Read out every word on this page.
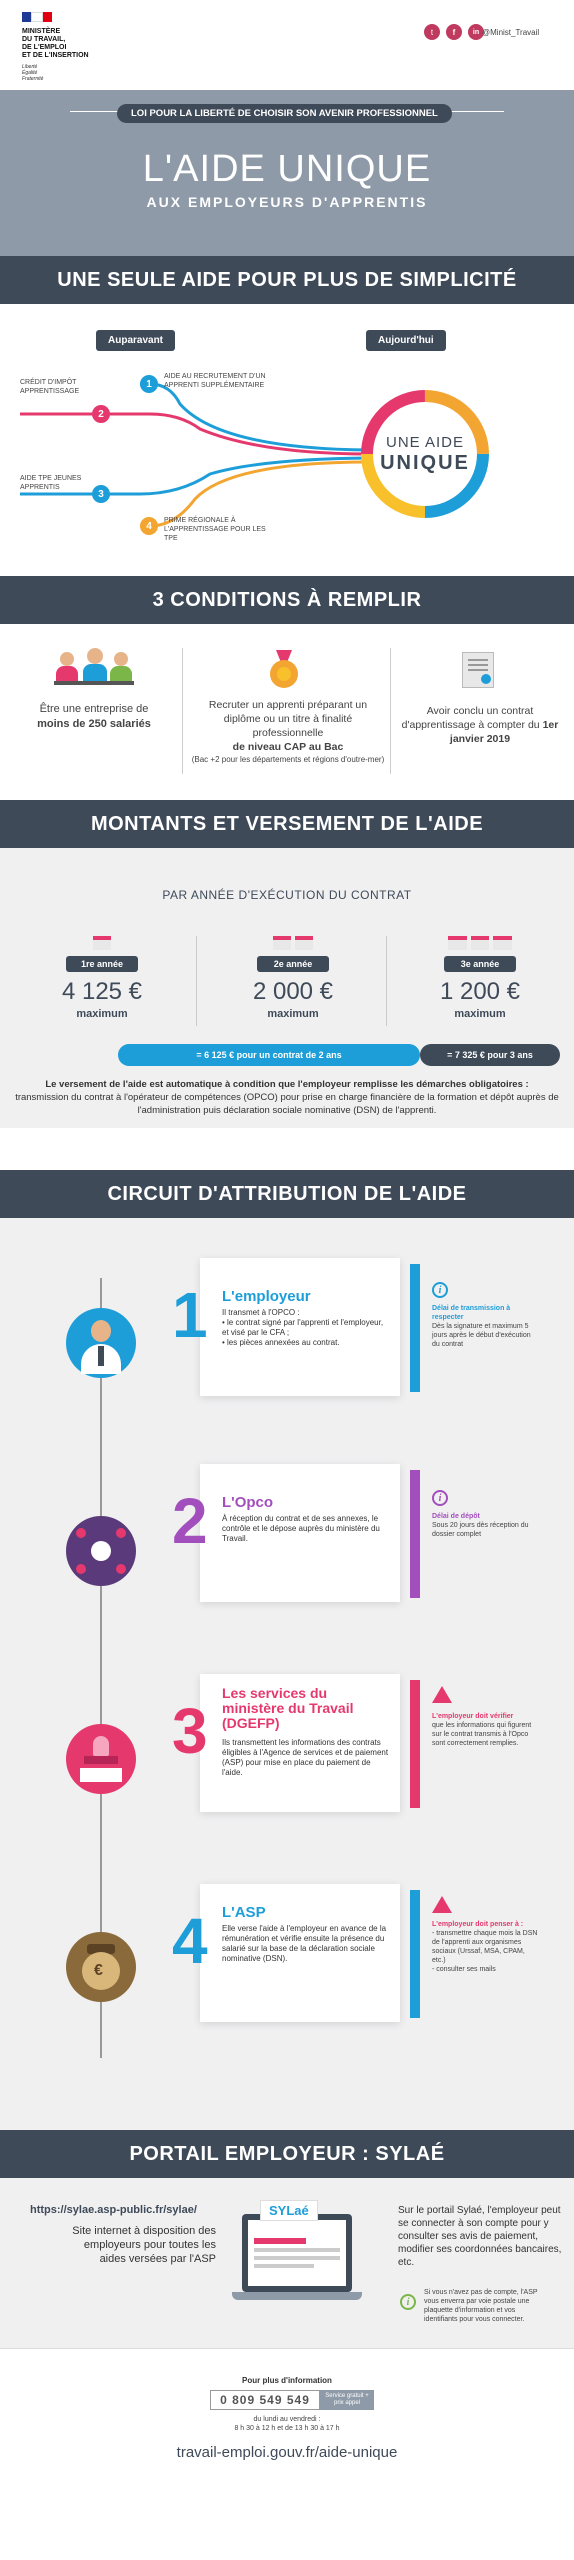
MINISTÈRE
DU TRAVAIL,
DE L'EMPLOI
ET DE L'INSERTION
Liberté
Égalité
Fraternité
t	f	in @Minist_Travail
LOI POUR LA LIBERTÉ DE CHOISIR SON AVENIR PROFESSIONNEL
L'AIDE UNIQUE
AUX EMPLOYEURS D'APPRENTIS
UNE SEULE AIDE POUR PLUS DE SIMPLICITÉ
Auparavant	Aujourd'hui
1
AIDE AU RECRUTEMENT D'UN APPRENTI SUPPLÉMENTAIRE
2
CRÉDIT D'IMPÔT APPRENTISSAGE
3
AIDE TPE JEUNES APPRENTIS
4	PRIME RÉGIONALE À L'APPRENTISSAGE POUR LES TPE
UNE AIDE
UNIQUE
3 CONDITIONS À REMPLIR
Être une entreprise de
moins de 250 salariés
Recruter un apprenti préparant un diplôme ou un titre à finalité professionnelle
de niveau CAP au Bac
(Bac +2 pour les départements et régions d'outre-mer)
Avoir conclu un contrat d'apprentissage à compter du 1er janvier 2019
MONTANTS ET VERSEMENT DE L'AIDE
PAR ANNÉE D'EXÉCUTION DU CONTRAT
1re année
4 125 €
maximum
2e année
2 000 €
maximum
3e année
1 200 €
maximum
= 6 125 € pour un contrat de 2 ans	= 7 325 € pour 3 ans
Le versement de l'aide est automatique à condition que l'employeur remplisse les démarches obligatoires :
transmission du contrat à l'opérateur de compétences (OPCO) pour prise en charge financière de la formation et dépôt auprès de l'administration puis déclaration sociale nominative (DSN) de l'apprenti.
CIRCUIT D'ATTRIBUTION DE L'AIDE
1 L'employeur
Il transmet à l'OPCO :
• le contrat signé par l'apprenti et l'employeur, et visé par le CFA ;
• les pièces annexées au contrat.
i
Délai de transmission à respecter
Dès la signature et maximum 5 jours après le début d'exécution du contrat
2 L'Opco
À réception du contrat et de ses annexes, le contrôle et le dépose auprès du ministère du Travail.
i
Délai de dépôt
Sous 20 jours dès réception du dossier complet
3
Les services du ministère du Travail (DGEFP)
Ils transmettent les informations des contrats éligibles à l'Agence de services et de paiement (ASP) pour mise en place du paiement de l'aide.
L'employeur doit vérifier
que les informations qui figurent sur le contrat transmis à l'Opco sont correctement remplies.
€ 4 L'ASP
Elle verse l'aide à l'employeur en avance de la rémunération et vérifie ensuite la présence du salarié sur la base de la déclaration sociale nominative (DSN).
L'employeur doit penser à :
- transmettre chaque mois la DSN de l'apprenti aux organismes sociaux (Urssaf, MSA, CPAM, etc.)
- consulter ses mails
PORTAIL EMPLOYEUR : SYLAÉ
https://sylae.asp-public.fr/sylae/
Site internet à disposition des employeurs pour toutes les aides versées par l'ASP
SYLaé	Sur le portail Sylaé, l'employeur peut se connecter à son compte pour y consulter ses avis de paiement, modifier ses coordonnées bancaires, etc.
i
Si vous n'avez pas de compte, l'ASP vous enverra par voie postale une plaquette d'information et vos identifiants pour vous connecter.
Pour plus d'information
0 809 549 549	Service gratuit + prix appel
du lundi au vendredi :
8 h 30 à 12 h et de 13 h 30 à 17 h
travail-emploi.gouv.fr/aide-unique
